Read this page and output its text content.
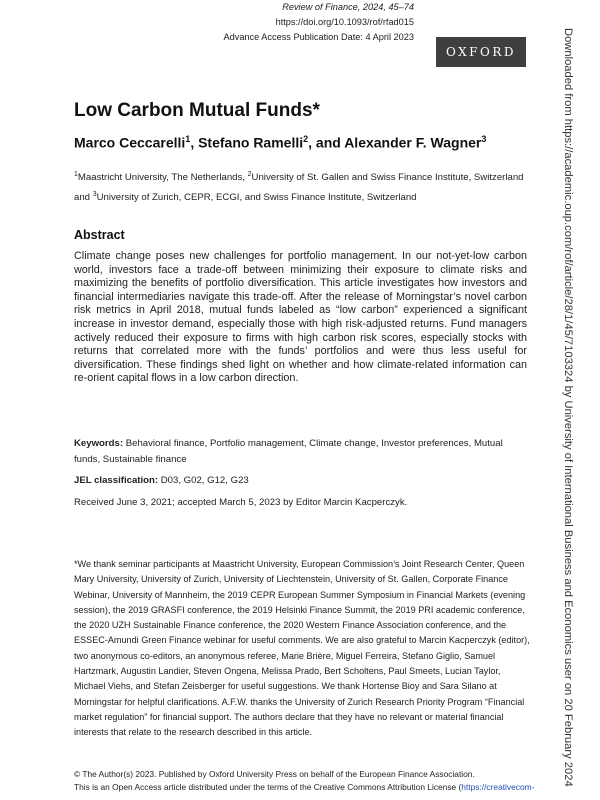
Review of Finance, 2024, 45–74
https://doi.org/10.1093/rof/rfad015
Advance Access Publication Date: 4 April 2023
OXFORD	Downloaded from https://academic.oup.com/rof/article/28/1/45/7103324 by University of International Business and Economics user on 20 February 2024
Low Carbon Mutual Funds*
Marco Ceccarelli$^1$, Stefano Ramelli$^2$, and Alexander F. Wagner$^3$
$^1$Maastricht University, The Netherlands, $^2$University of St. Gallen and Swiss Finance Institute, Switzerland and $^3$University of Zurich, CEPR, ECGI, and Swiss Finance Institute, Switzerland
Abstract
Climate change poses new challenges for portfolio management. In our not-yet-low carbon world, investors face a trade-off between minimizing their exposure to climate risks and maximizing the benefits of portfolio diversification. This article investigates how investors and financial intermediaries navigate this trade-off. After the release of Morningstar’s novel carbon risk metrics in April 2018, mutual funds labeled as “low carbon” experienced a significant increase in investor demand, especially those with high risk-adjusted returns. Fund managers actively reduced their exposure to firms with high carbon risk scores, especially stocks with returns that correlated more with the funds’ portfolios and were thus less useful for diversification. These findings shed light on whether and how climate-related information can re-orient capital flows in a low carbon direction.
Keywords: Behavioral finance, Portfolio management, Climate change, Investor preferences, Mutual funds, Sustainable finance
JEL classification: D03, G02, G12, G23
Received June 3, 2021; accepted March 5, 2023 by Editor Marcin Kacperczyk.
*We thank seminar participants at Maastricht University, European Commission’s Joint Research Center, Queen Mary University, University of Zurich, University of Liechtenstein, University of St. Gallen, Corporate Finance Webinar, University of Mannheim, the 2019 CEPR European Summer Symposium in Financial Markets (evening session), the 2019 GRASFI conference, the 2019 Helsinki Finance Summit, the 2019 PRI academic conference, the 2020 UZH Sustainable Finance conference, the 2020 Western Finance Association conference, and the ESSEC-Amundi Green Finance webinar for useful comments. We are also grateful to Marcin Kacperczyk (editor), two anonymous co-editors, an anonymous referee, Marie Brière, Miguel Ferreira, Stefano Giglio, Samuel Hartzmark, Augustin Landier, Steven Ongena, Melissa Prado, Bert Scholtens, Paul Smeets, Lucian Taylor, Michael Viehs, and Stefan Zeisberger for useful suggestions. We thank Hortense Bioy and Sara Silano at Morningstar for helpful clarifications. A.F.W. thanks the University of Zurich Research Priority Program “Financial market regulation” for financial support. The authors declare that they have no relevant or material financial interests that relate to the research described in this article.
© The Author(s) 2023. Published by Oxford University Press on behalf of the European Finance Association.
This is an Open Access article distributed under the terms of the Creative Commons Attribution License (https://creativecom-
